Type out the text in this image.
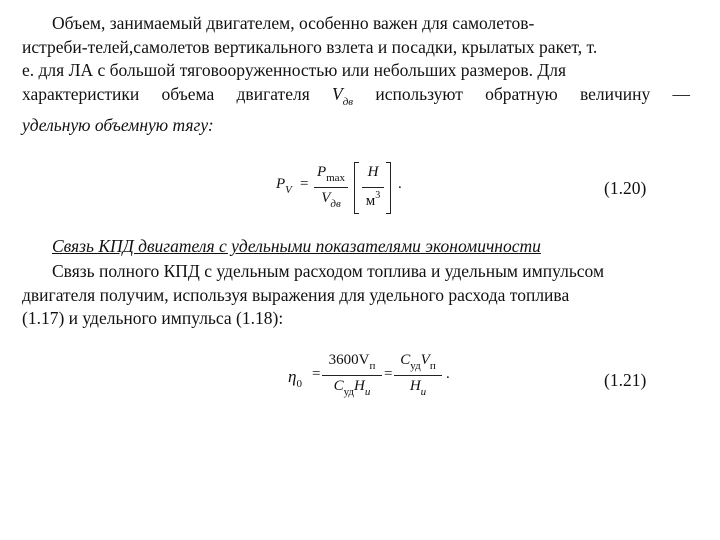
Объем, занимаемый двигателем, особенно важен для самолетов-
истреби-телей,самолетов вертикального взлета и посадки, крылатых ракет, т.
е. для ЛА с большой тяговооруженностью или небольших размеров. Для
характеристики объема двигателя $V_{дв}$ используют обратную величину —
удельную объемную тягу:
$P_V$ =
$P_{max}$
$V_{дв}$
H
$м^3$
.	(1.20)
Связь КПД двигателя с удельными показателями экономичности
Связь полного КПД с удельным расходом топлива и удельным импульсом
двигателя получим, используя выражения для удельного расхода топлива
(1.17) и удельного импульса (1.18):
$\eta_0$
=
$3600V_п$
$C_{уд}H_и$
=
$C_{уд}V_п$
$H_и$
.	(1.21)
